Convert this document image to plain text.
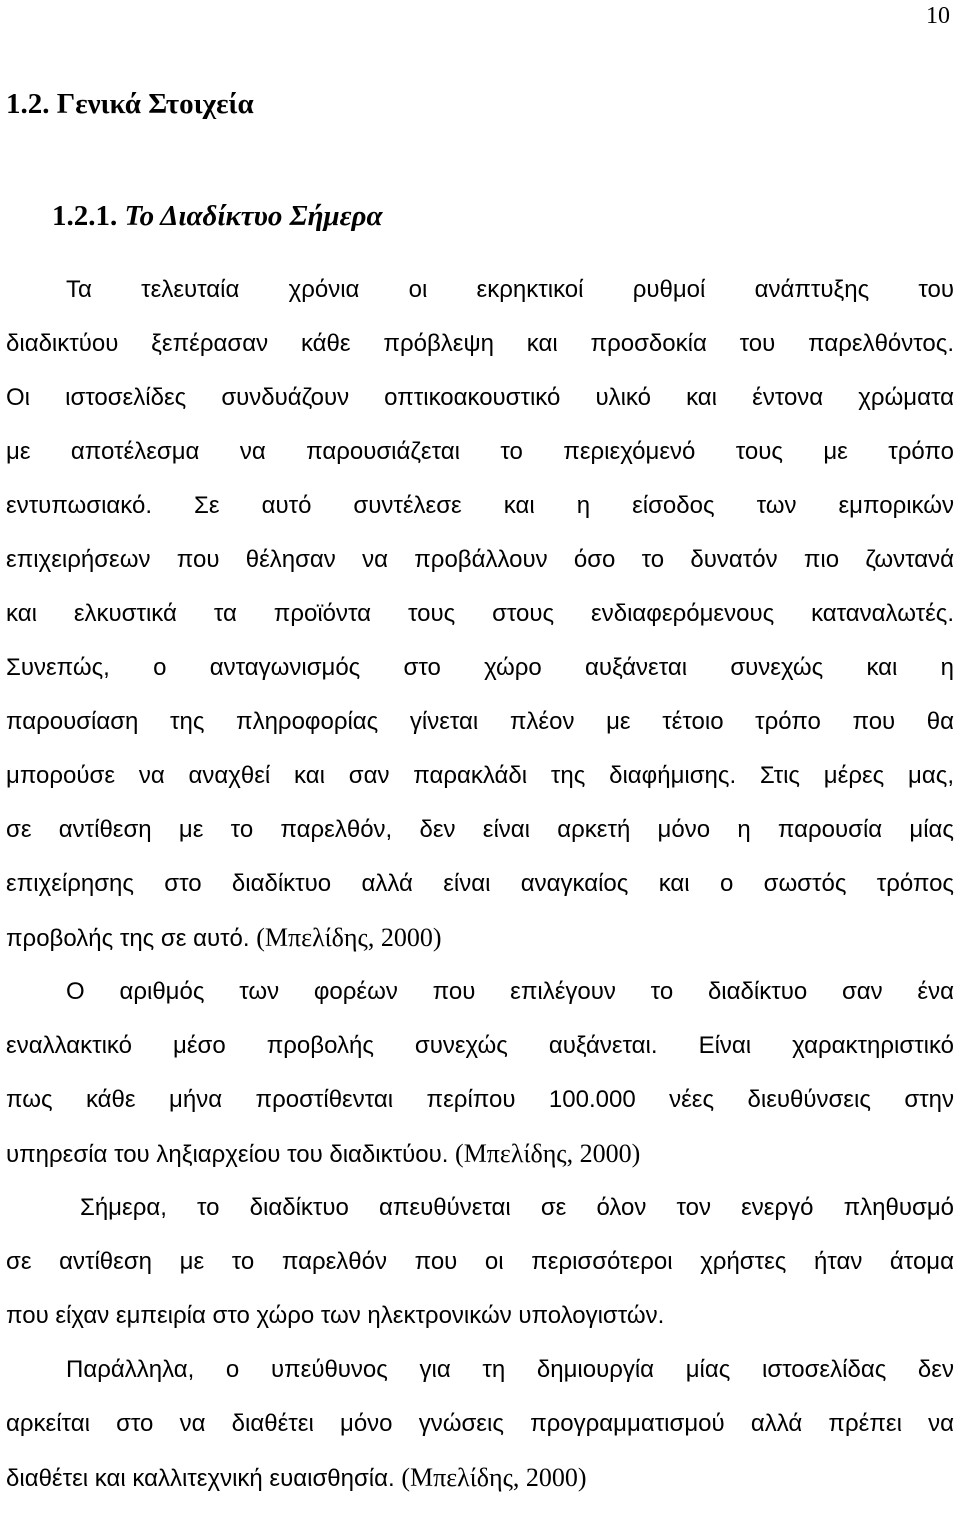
10
1.2. Γενικά Στοιχεία
1.2.1. Το Διαδίκτυο Σήμερα
Τα τελευταία χρόνια οι εκρηκτικοί ρυθμοί ανάπτυξης του
διαδικτύου ξεπέρασαν κάθε πρόβλεψη και προσδοκία του παρελθόντος.
Οι ιστοσελίδες συνδυάζουν οπτικοακουστικό υλικό και έντονα χρώματα
με αποτέλεσμα να παρουσιάζεται το περιεχόμενό τους με τρόπο
εντυπωσιακό. Σε αυτό συντέλεσε και η είσοδος των εμπορικών
επιχειρήσεων που θέλησαν να προβάλλουν όσο το δυνατόν πιο ζωντανά
και ελκυστικά τα προϊόντα τους στους ενδιαφερόμενους καταναλωτές.
Συνεπώς, ο ανταγωνισμός στο χώρο αυξάνεται συνεχώς και η
παρουσίαση της πληροφορίας γίνεται πλέον με τέτοιο τρόπο που θα
μπορούσε να αναχθεί και σαν παρακλάδι της διαφήμισης. Στις μέρες μας,
σε αντίθεση με το παρελθόν, δεν είναι αρκετή μόνο η παρουσία μίας
επιχείρησης στο διαδίκτυο αλλά είναι αναγκαίος και ο σωστός τρόπος
προβολής της σε αυτό. (Μπελίδης, 2000)
Ο αριθμός των φορέων που επιλέγουν το διαδίκτυο σαν ένα
εναλλακτικό μέσο προβολής συνεχώς αυξάνεται. Είναι χαρακτηριστικό
πως κάθε μήνα προστίθενται περίπου 100.000 νέες διευθύνσεις στην
υπηρεσία του ληξιαρχείου του διαδικτύου. (Μπελίδης, 2000)
Σήμερα, το διαδίκτυο απευθύνεται σε όλον τον ενεργό πληθυσμό
σε αντίθεση με το παρελθόν που οι περισσότεροι χρήστες ήταν άτομα
που είχαν εμπειρία στο χώρο των ηλεκτρονικών υπολογιστών.
Παράλληλα, ο υπεύθυνος για τη δημιουργία μίας ιστοσελίδας δεν
αρκείται στο να διαθέτει μόνο γνώσεις προγραμματισμού αλλά πρέπει να
διαθέτει και καλλιτεχνική ευαισθησία. (Μπελίδης, 2000)
